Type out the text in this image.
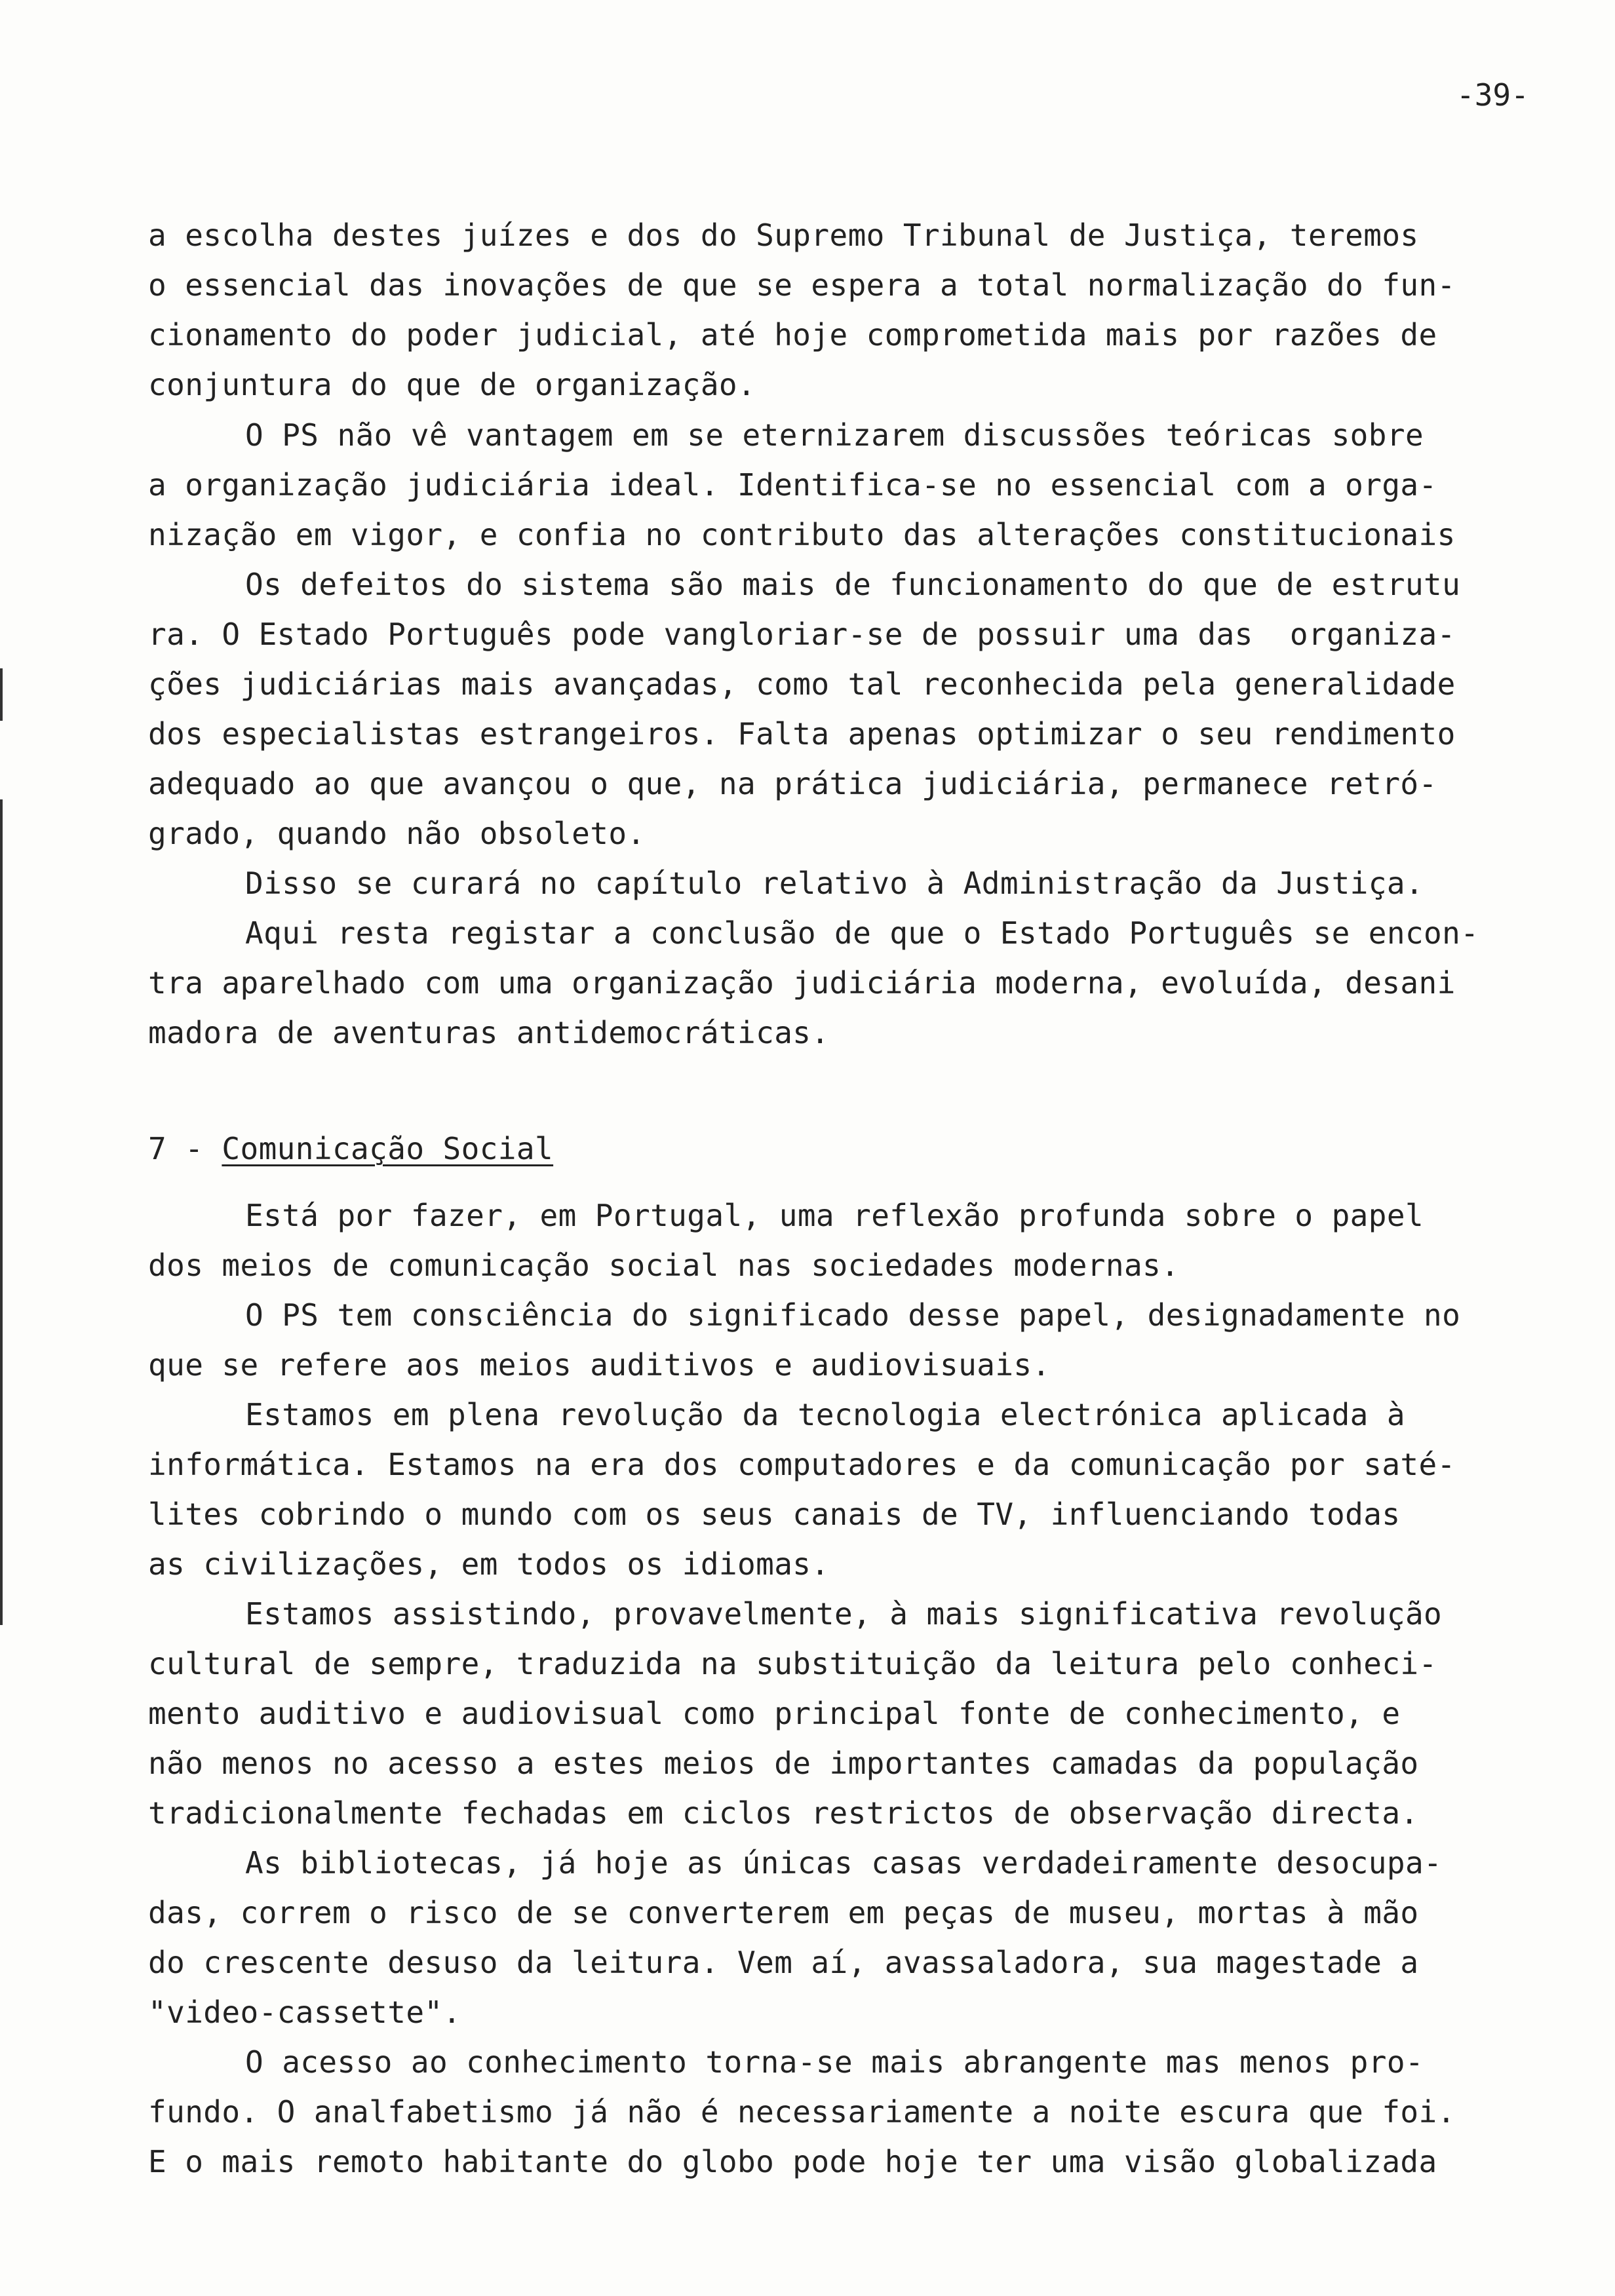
-39-
a escolha destes juízes e dos do Supremo Tribunal de Justiça, teremos
o essencial das inovações de que se espera a total normalização do fun-
cionamento do poder judicial, até hoje comprometida mais por razões de
conjuntura do que de organização.
O PS não vê vantagem em se eternizarem discussões teóricas sobre
a organização judiciária ideal. Identifica-se no essencial com a orga-
nização em vigor, e confia no contributo das alterações constitucionais
Os defeitos do sistema são mais de funcionamento do que de estrutu
ra. O Estado Português pode vangloriar-se de possuir uma das  organiza-
ções judiciárias mais avançadas, como tal reconhecida pela generalidade
dos especialistas estrangeiros. Falta apenas optimizar o seu rendimento
adequado ao que avançou o que, na prática judiciária, permanece retró-
grado, quando não obsoleto.
Disso se curará no capítulo relativo à Administração da Justiça.
Aqui resta registar a conclusão de que o Estado Português se encon-
tra aparelhado com uma organização judiciária moderna, evoluída, desani
madora de aventuras antidemocráticas.
7 - Comunicação Social
Está por fazer, em Portugal, uma reflexão profunda sobre o papel
dos meios de comunicação social nas sociedades modernas.
O PS tem consciência do significado desse papel, designadamente no
que se refere aos meios auditivos e audiovisuais.
Estamos em plena revolução da tecnologia electrónica aplicada à
informática. Estamos na era dos computadores e da comunicação por saté-
lites cobrindo o mundo com os seus canais de TV, influenciando todas
as civilizações, em todos os idiomas.
Estamos assistindo, provavelmente, à mais significativa revolução
cultural de sempre, traduzida na substituição da leitura pelo conheci-
mento auditivo e audiovisual como principal fonte de conhecimento, e
não menos no acesso a estes meios de importantes camadas da população
tradicionalmente fechadas em ciclos restrictos de observação directa.
As bibliotecas, já hoje as únicas casas verdadeiramente desocupa-
das, correm o risco de se converterem em peças de museu, mortas à mão
do crescente desuso da leitura. Vem aí, avassaladora, sua magestade a
"video-cassette".
O acesso ao conhecimento torna-se mais abrangente mas menos pro-
fundo. O analfabetismo já não é necessariamente a noite escura que foi.
E o mais remoto habitante do globo pode hoje ter uma visão globalizada
